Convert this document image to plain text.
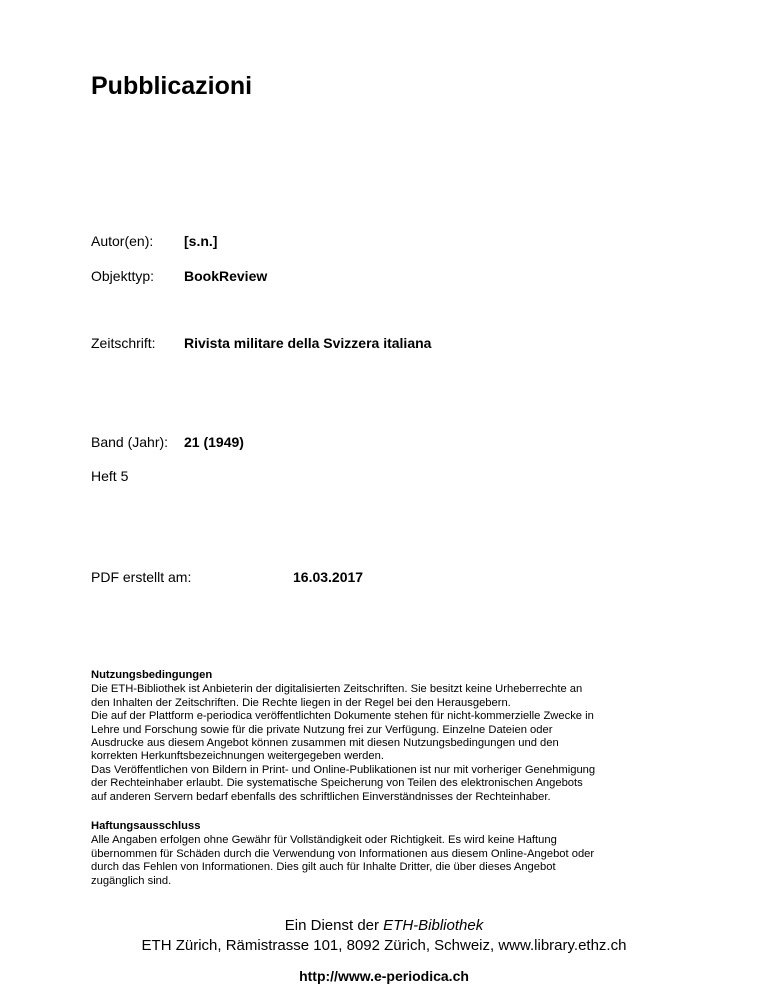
Pubblicazioni
Autor(en): [s.n.]
Objekttyp: BookReview
Zeitschrift: Rivista militare della Svizzera italiana
Band (Jahr): 21 (1949)
Heft 5
PDF erstellt am:	16.03.2017
Nutzungsbedingungen
Die ETH-Bibliothek ist Anbieterin der digitalisierten Zeitschriften. Sie besitzt keine Urheberrechte an
den Inhalten der Zeitschriften. Die Rechte liegen in der Regel bei den Herausgebern.
Die auf der Plattform e-periodica veröffentlichten Dokumente stehen für nicht-kommerzielle Zwecke in
Lehre und Forschung sowie für die private Nutzung frei zur Verfügung. Einzelne Dateien oder
Ausdrucke aus diesem Angebot können zusammen mit diesen Nutzungsbedingungen und den
korrekten Herkunftsbezeichnungen weitergegeben werden.
Das Veröffentlichen von Bildern in Print- und Online-Publikationen ist nur mit vorheriger Genehmigung
der Rechteinhaber erlaubt. Die systematische Speicherung von Teilen des elektronischen Angebots
auf anderen Servern bedarf ebenfalls des schriftlichen Einverständnisses der Rechteinhaber.
Haftungsausschluss
Alle Angaben erfolgen ohne Gewähr für Vollständigkeit oder Richtigkeit. Es wird keine Haftung
übernommen für Schäden durch die Verwendung von Informationen aus diesem Online-Angebot oder
durch das Fehlen von Informationen. Dies gilt auch für Inhalte Dritter, die über dieses Angebot
zugänglich sind.
Ein Dienst der ETH-Bibliothek
ETH Zürich, Rämistrasse 101, 8092 Zürich, Schweiz, www.library.ethz.ch
http://www.e-periodica.ch
